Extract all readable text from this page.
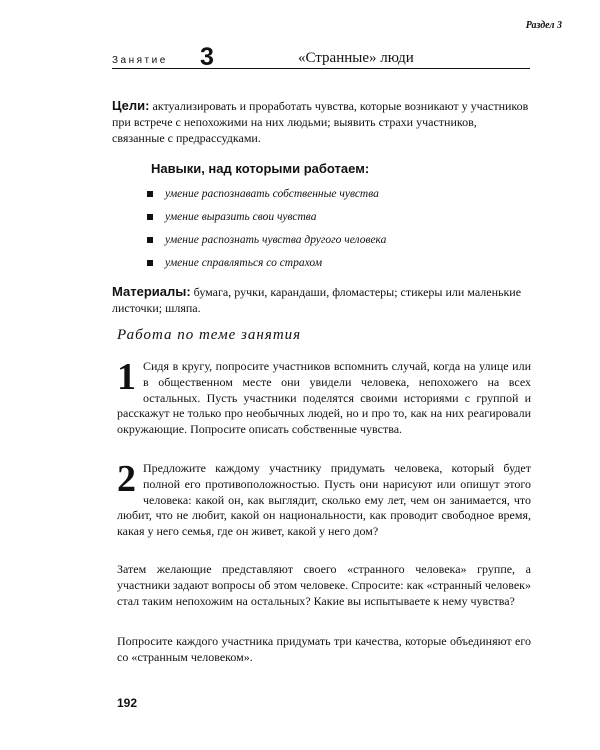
Раздел 3
Занятие 3	«Странные» люди
Цели: актуализировать и проработать чувства, которые возникают у участников при встрече с непохожими на них людьми; выявить страхи участников, связанные с предрассудками.
Навыки, над которыми работаем:
умение распознавать собственные чувства
умение выразить свои чувства
умение распознать чувства другого человека
умение справляться со страхом
Материалы: бумага, ручки, карандаши, фломастеры; стикеры или маленькие листочки; шляпа.
Работа по теме занятия
1 Сидя в кругу, попросите участников вспомнить случай, когда на улице или в общественном месте они увидели человека, непохожего на всех остальных. Пусть участники поделятся своими историями с группой и расскажут не только про необычных людей, но и про то, как на них реагировали окружающие. Попросите описать собственные чувства.
2 Предложите каждому участнику придумать человека, который будет полной его противоположностью. Пусть они нарисуют или опишут этого человека: какой он, как выглядит, сколько ему лет, чем он занимается, что любит, что не любит, какой он национальности, как проводит свободное время, какая у него семья, где он живет, какой у него дом?
Затем желающие представляют своего «странного человека» группе, а участники задают вопросы об этом человеке. Спросите: как «странный человек» стал таким непохожим на остальных? Какие вы испытываете к нему чувства?
Попросите каждого участника придумать три качества, которые объединяют его со «странным человеком».
192
